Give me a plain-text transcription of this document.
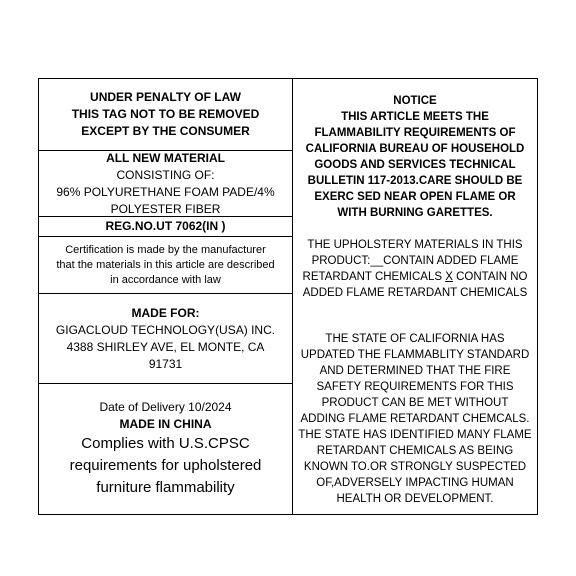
UNDER PENALTY OF LAW
THIS TAG NOT TO BE REMOVED
EXCEPT BY THE CONSUMER
ALL NEW MATERIAL
CONSISTING OF:
96% POLYURETHANE FOAM PADE/4%
POLYESTER FIBER
REG.NO.UT 7062(IN )
Certification is made by the manufacturer
that the materials in this article are described
in accordance with law
MADE FOR:
GIGACLOUD TECHNOLOGY(USA) INC.
4388 SHIRLEY AVE, EL MONTE, CA
91731
Date of Delivery 10/2024
MADE IN CHINA
Complies with U.S.CPSC
requirements for upholstered
furniture flammability
NOTICE
THIS ARTICLE MEETS THE
FLAMMABILITY REQUIREMENTS OF
CALIFORNIA BUREAU OF HOUSEHOLD
GOODS AND SERVICES TECHNICAL
BULLETIN 117-2013.CARE SHOULD BE
EXERC SED NEAR OPEN FLAME OR
WITH BURNING GARETTES.
THE UPHOLSTERY MATERIALS IN THIS
PRODUCT:__CONTAIN ADDED FLAME
RETARDANT CHEMICALS X CONTAIN NO
ADDED FLAME RETARDANT CHEMICALS
THE STATE OF CALIFORNIA HAS
UPDATED THE FLAMMABLITY STANDARD
AND DETERMINED THAT THE FIRE
SAFETY REQUIREMENTS FOR THIS
PRODUCT CAN BE MET WITHOUT
ADDING FLAME RETARDANT CHEMCALS.
THE STATE HAS IDENTIFIED MANY FLAME
RETARDANT CHEMICALS AS BEING
KNOWN TO.OR STRONGLY SUSPECTED
OF,ADVERSELY IMPACTING HUMAN
HEALTH OR DEVELOPMENT.
